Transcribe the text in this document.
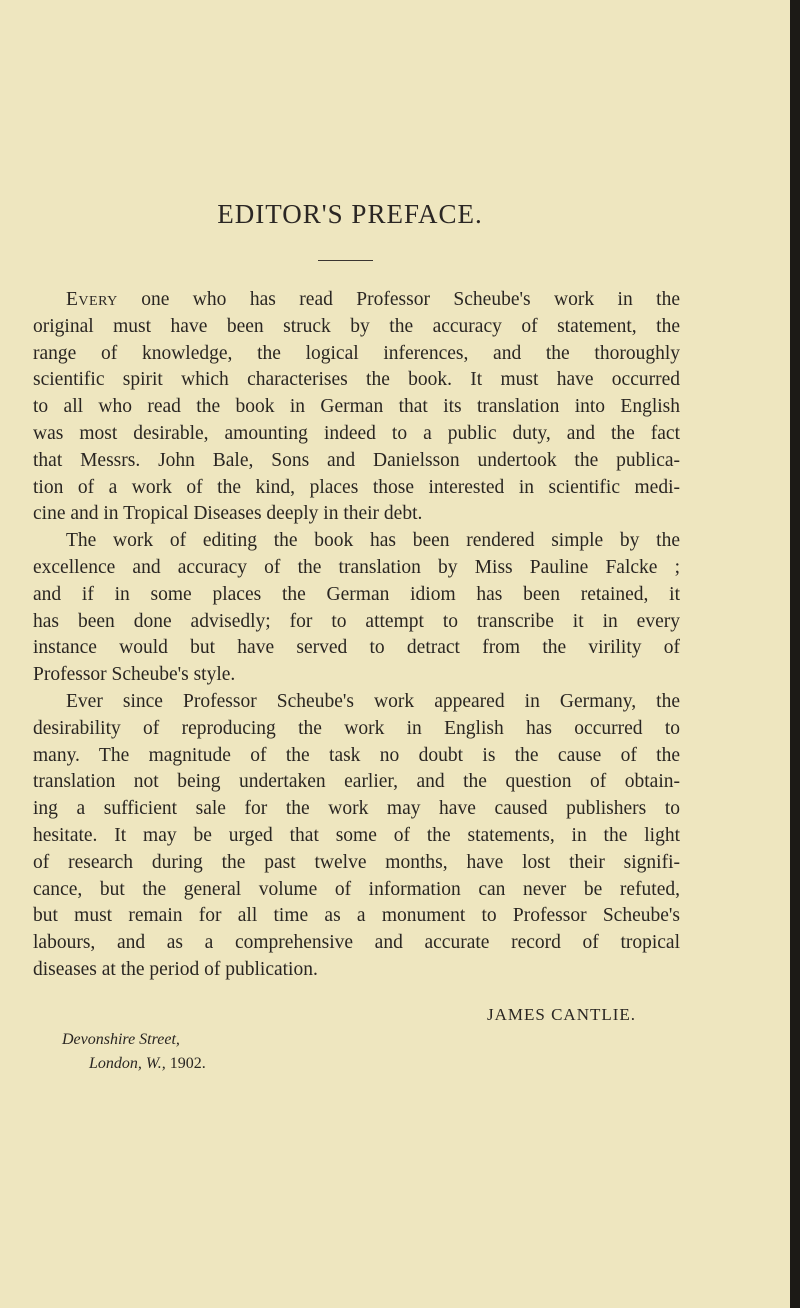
EDITOR'S PREFACE.
Every one who has read Professor Scheube's work in the
original must have been struck by the accuracy of statement, the
range of knowledge, the logical inferences, and the thoroughly
scientific spirit which characterises the book. It must have occurred
to all who read the book in German that its translation into English
was most desirable, amounting indeed to a public duty, and the fact
that Messrs. John Bale, Sons and Danielsson undertook the publica-
tion of a work of the kind, places those interested in scientific medi-
cine and in Tropical Diseases deeply in their debt.
The work of editing the book has been rendered simple by the
excellence and accuracy of the translation by Miss Pauline Falcke ;
and if in some places the German idiom has been retained, it
has been done advisedly; for to attempt to transcribe it in every
instance would but have served to detract from the virility of
Professor Scheube's style.
Ever since Professor Scheube's work appeared in Germany, the
desirability of reproducing the work in English has occurred to
many. The magnitude of the task no doubt is the cause of the
translation not being undertaken earlier, and the question of obtain-
ing a sufficient sale for the work may have caused publishers to
hesitate. It may be urged that some of the statements, in the light
of research during the past twelve months, have lost their signifi-
cance, but the general volume of information can never be refuted,
but must remain for all time as a monument to Professor Scheube's
labours, and as a comprehensive and accurate record of tropical
diseases at the period of publication.
JAMES CANTLIE.
Devonshire Street,
London, W., 1902.
